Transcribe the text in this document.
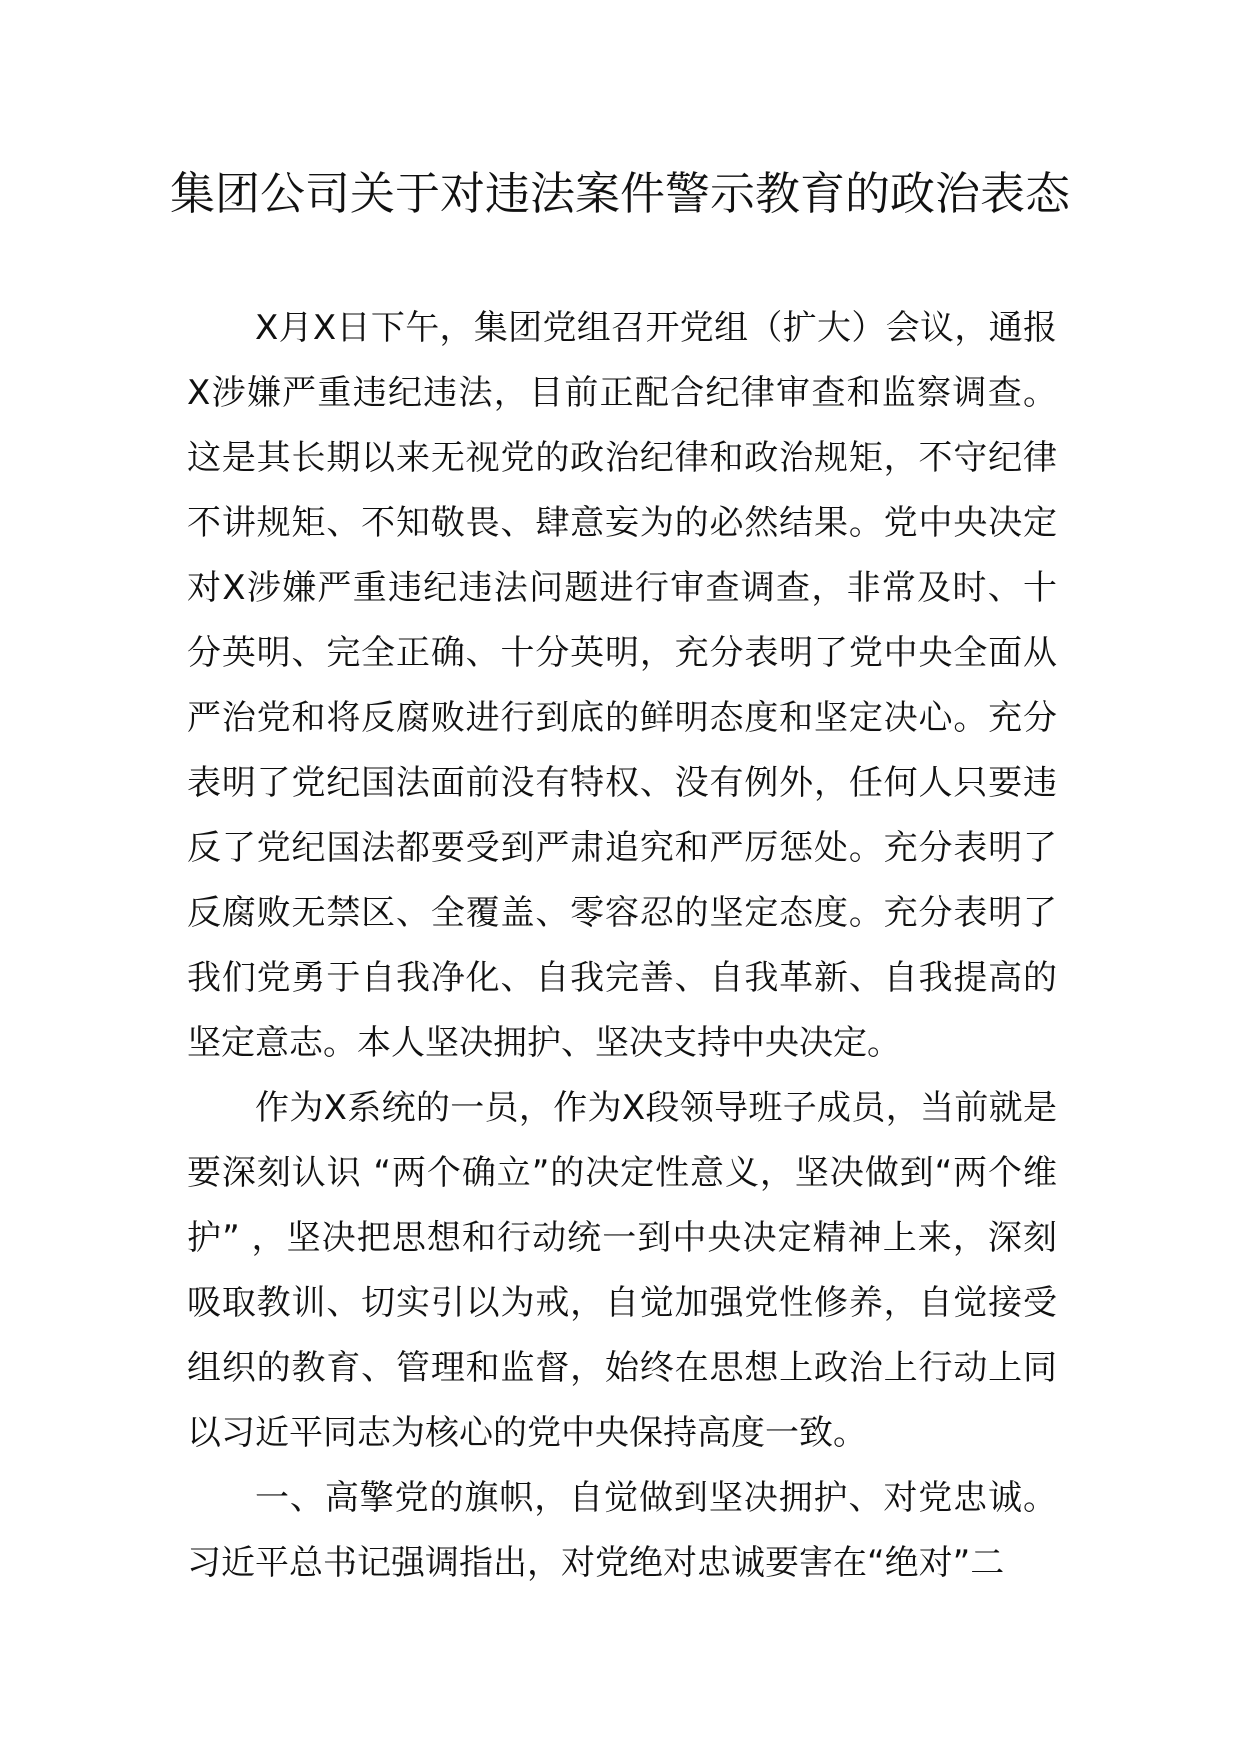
集团公司关于对违法案件警示教育的政治表态

X月X日下午，集团党组召开党组（扩大）会议，通报X涉嫌严重违纪违法，目前正配合纪律审查和监察调查。这是其长期以来无视党的政治纪律和政治规矩，不守纪律不讲规矩、不知敬畏、肆意妄为的必然结果。党中央决定对X涉嫌严重违纪违法问题进行审查调查，非常及时、十分英明、完全正确、十分英明，充分表明了党中央全面从严治党和将反腐败进行到底的鲜明态度和坚定决心。充分表明了党纪国法面前没有特权、没有例外，任何人只要违反了党纪国法都要受到严肃追究和严厉惩处。充分表明了反腐败无禁区、全覆盖、零容忍的坚定态度。充分表明了我们党勇于自我净化、自我完善、自我革新、自我提高的坚定意志。本人坚决拥护、坚决支持中央决定。

作为X系统的一员，作为X段领导班子成员，当前就是要深刻认识 “两个确立”的决定性意义，坚决做到“两个维护” ，坚决把思想和行动统一到中央决定精神上来，深刻吸取教训、切实引以为戒，自觉加强党性修养，自觉接受组织的教育、管理和监督，始终在思想上政治上行动上同以习近平同志为核心的党中央保持高度一致。

一、高擎党的旗帜，自觉做到坚决拥护、对党忠诚。习近平总书记强调指出，对党绝对忠诚要害在“绝对”二
